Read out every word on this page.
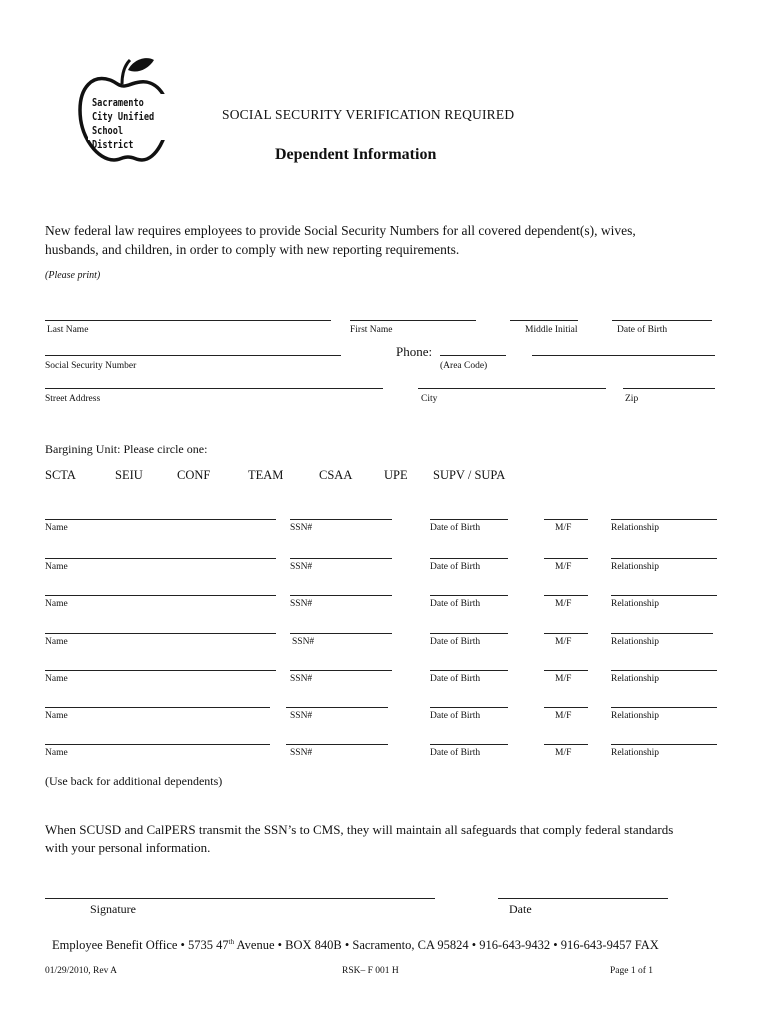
Sacramento
City Unified
School District
SOCIAL SECURITY VERIFICATION REQUIRED
Dependent Information
New federal law requires employees to provide Social Security Numbers for all covered dependent(s), wives,
husbands, and children, in order to comply with new reporting requirements.
(Please print)
Last Name	First Name	Middle Initial	Date of Birth
Phone:
Social Security Number	(Area Code)
Street Address	City	Zip
Bargining Unit: Please circle one:
SCTA	SEIU	CONF	TEAM	CSAA	UPE SUPV / SUPA
Name	SSN#	Date of Birth	M/F	Relationship
Name	SSN#	Date of Birth	M/F	Relationship
Name	SSN#	Date of Birth	M/F	Relationship
Name	SSN#	Date of Birth	M/F	Relationship
Name	SSN#	Date of Birth	M/F	Relationship
Name	SSN#	Date of Birth	M/F	Relationship
Name	SSN#	Date of Birth	M/F	Relationship
(Use back for additional dependents)
When SCUSD and CalPERS transmit the SSN’s to CMS, they will maintain all safeguards that comply federal standards
with your personal information.
Signature	Date
Employee Benefit Office • 5735 47th Avenue • BOX 840B • Sacramento, CA 95824 • 916-643-9432 • 916-643-9457 FAX
01/29/2010, Rev A	RSK– F 001 H	Page 1 of 1
